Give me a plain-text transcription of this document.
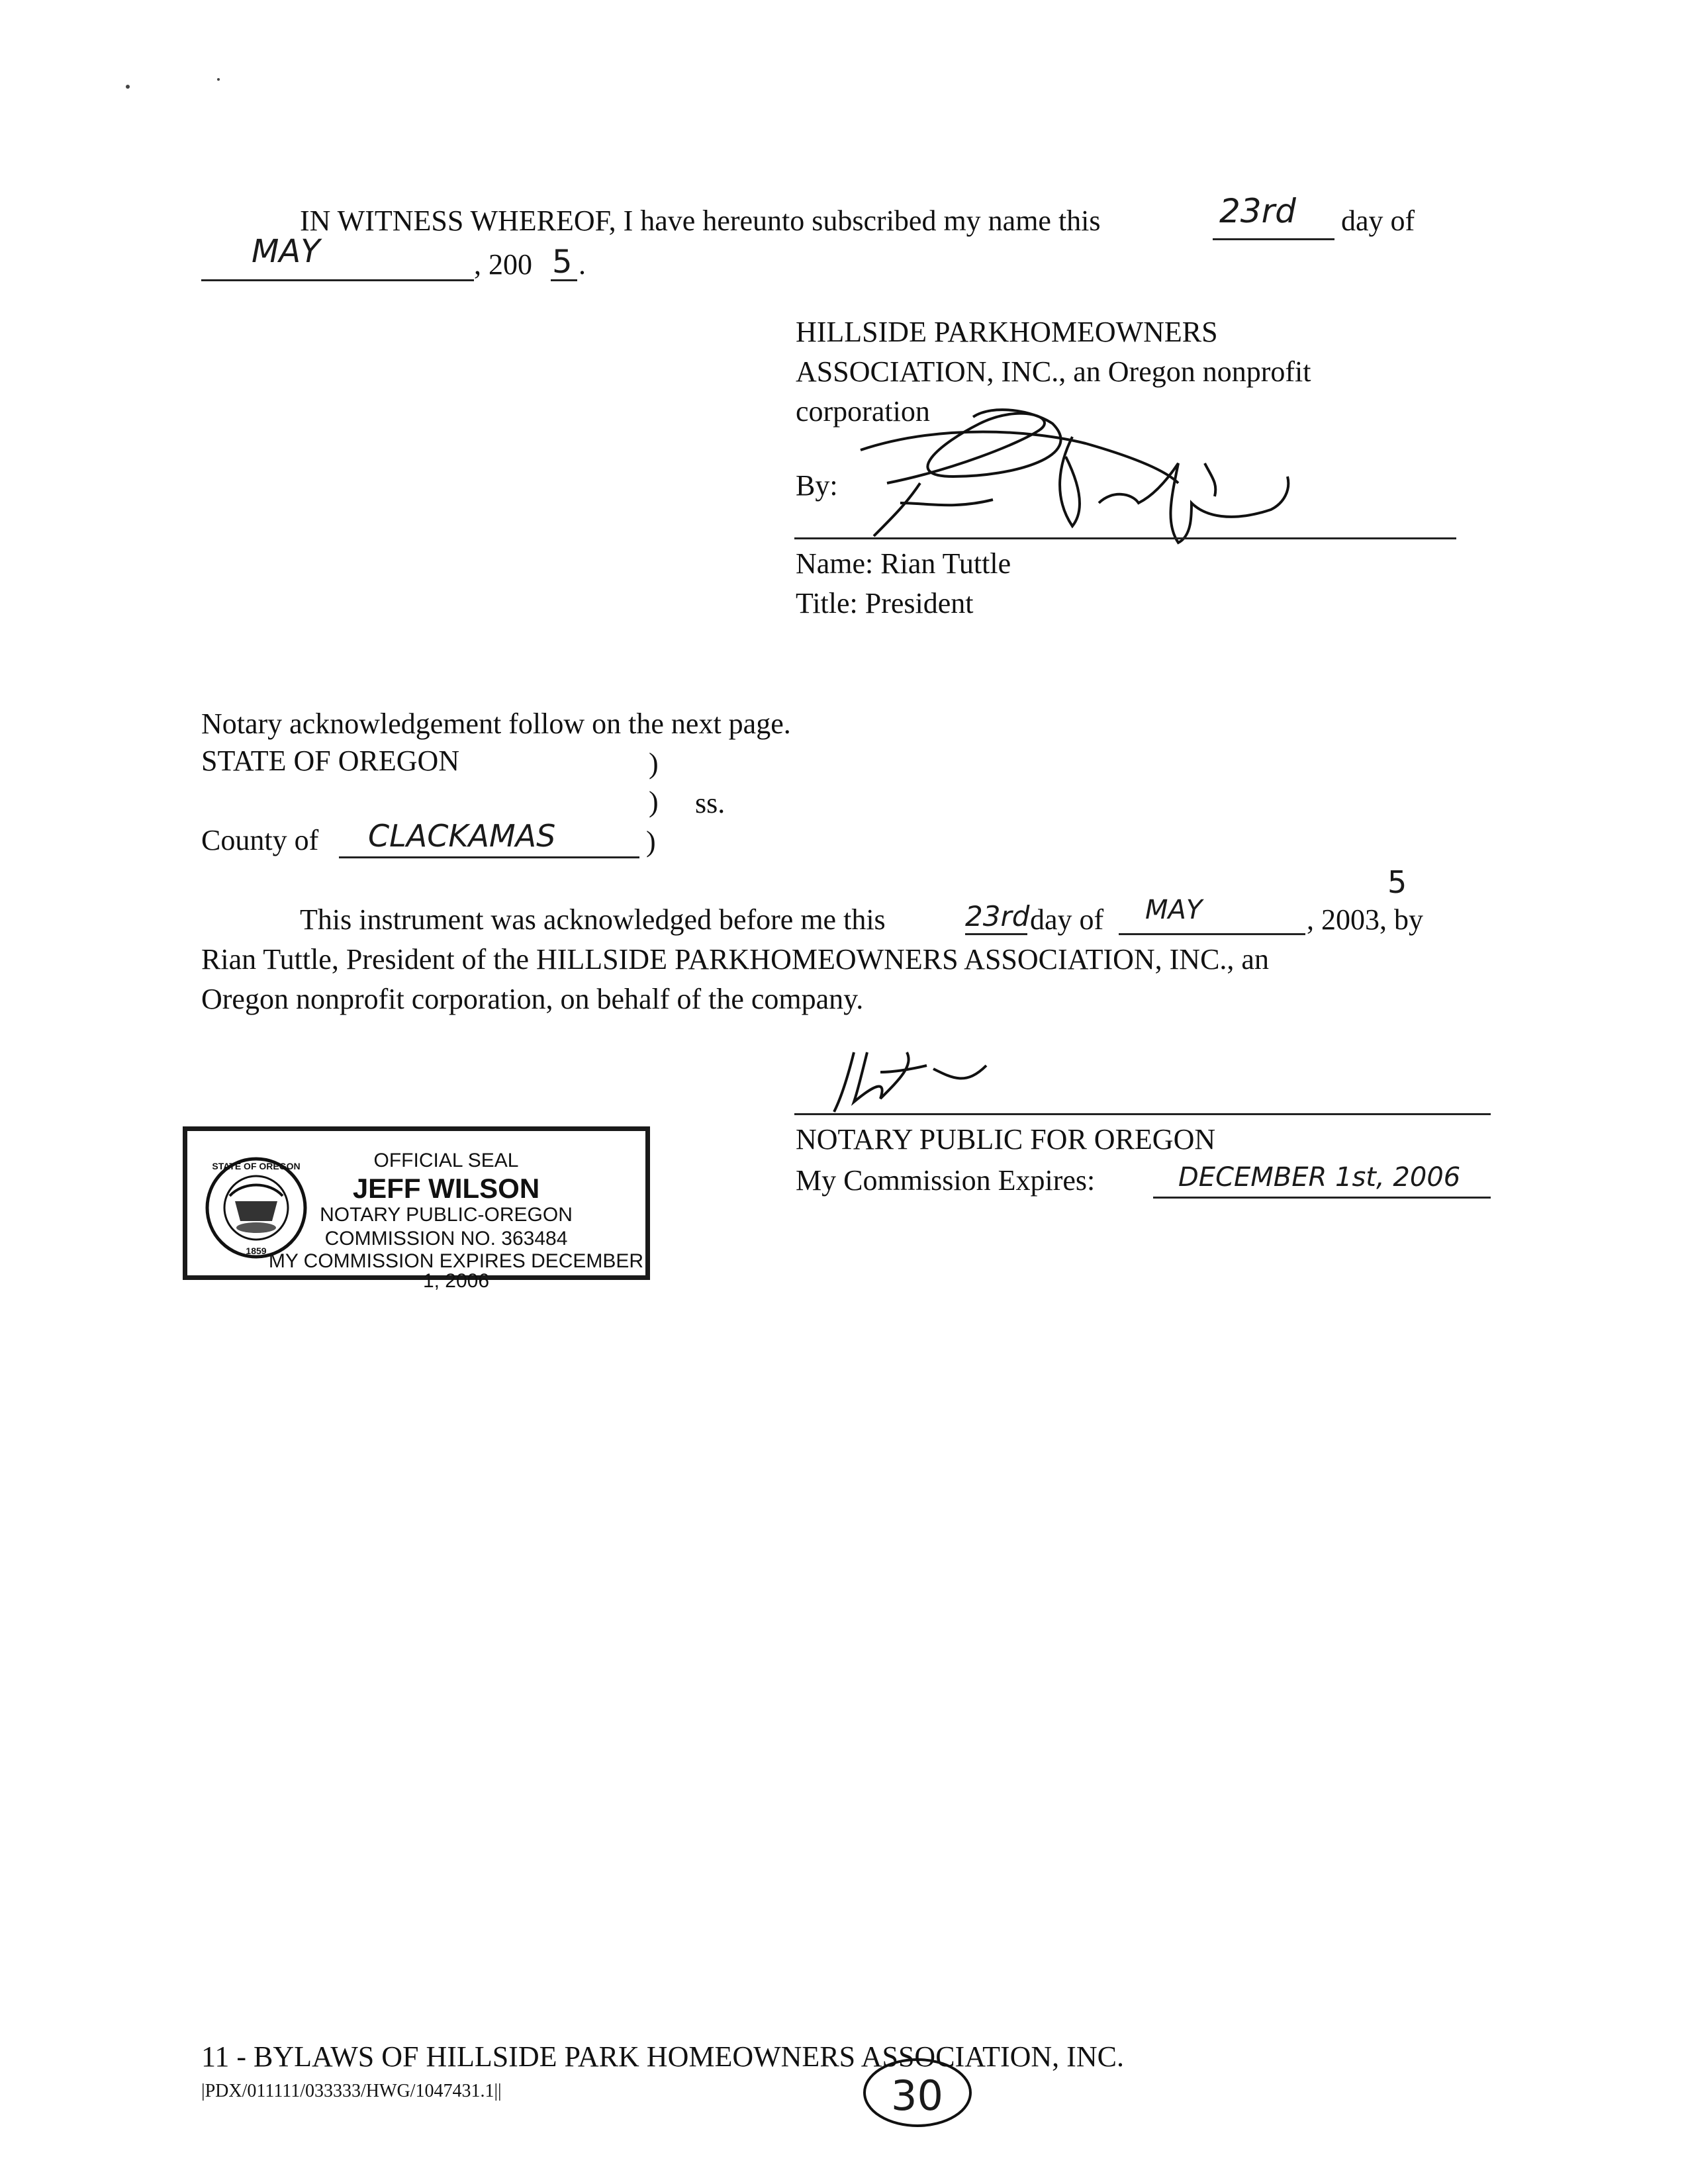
IN WITNESS WHEREOF, I have hereunto subscribed my name this	23rd day of
MAY	, 200 5 .
HILLSIDE PARKHOMEOWNERS
ASSOCIATION, INC., an Oregon nonprofit
corporation
By:
Name: Rian Tuttle
Title: President
Notary acknowledgement follow on the next page.
STATE OF OREGON	)
) ss.
County of CLACKAMAS	)
This instrument was acknowledged before me this	23rd day of MAY	, 2003, by
5
Rian Tuttle, President of the HILLSIDE PARKHOMEOWNERS ASSOCIATION, INC., an
Oregon nonprofit corporation, on behalf of the company.
NOTARY PUBLIC FOR OREGON
My Commission Expires:	DECEMBER 1st, 2006
STATE OF OREGON
1859
OFFICIAL SEAL
JEFF WILSON
NOTARY PUBLIC-OREGON
COMMISSION NO. 363484
MY COMMISSION EXPIRES DECEMBER 1, 2006
11 - BYLAWS OF HILLSIDE PARK HOMEOWNERS ASSOCIATION, INC.
|PDX/011111/033333/HWG/1047431.1||	30
